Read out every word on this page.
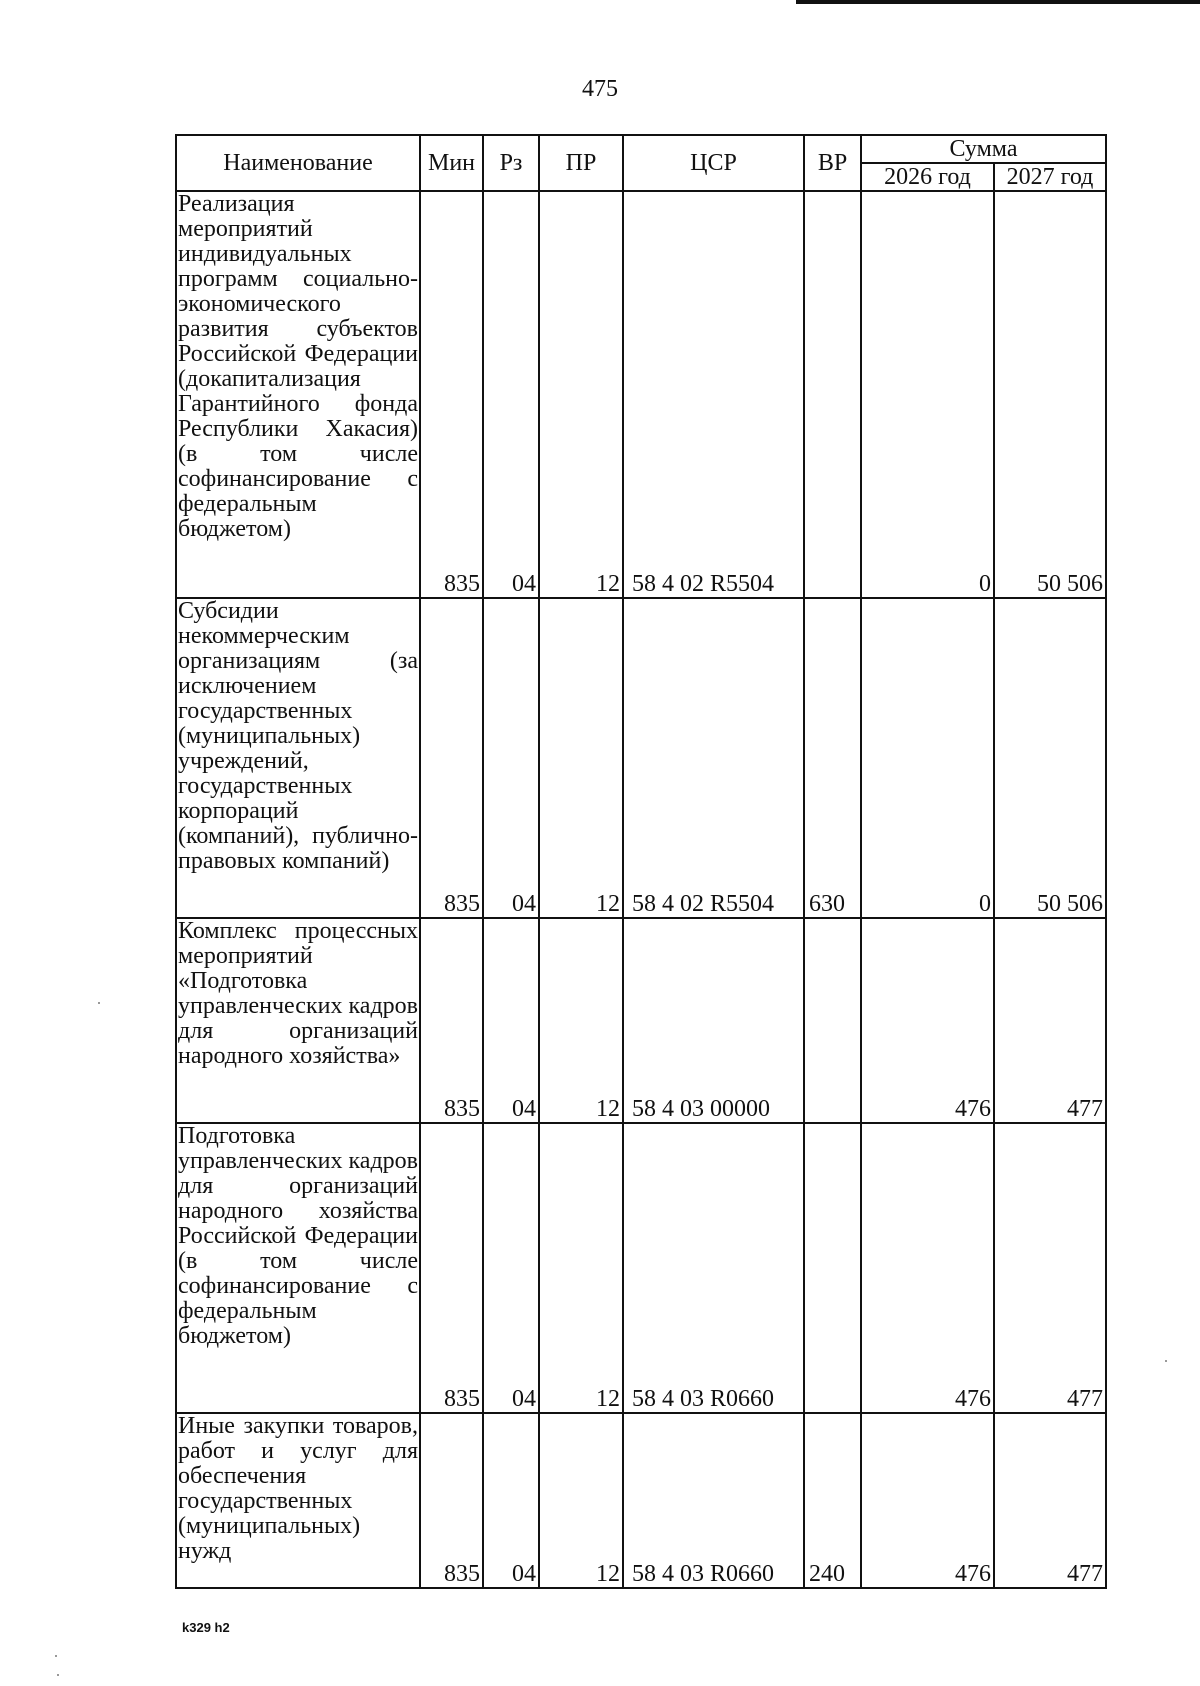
475
Наименование	Мин	Рз	ПР	ЦСР	ВР	Сумма	
						2026 год	2027 год
Реализация мероприятий индивидуальных программ социально-экономического развития субъектов Российской Федерации (докапитализация Гарантийного фонда Республики Хакасия) (в том числе софинансирование с федеральным бюджетом)	835	04	12	58 4 02 R5504		0	50 506
Субсидии некоммерческим организациям (за исключением государственных (муниципальных) учреждений, государственных корпораций (компаний), публично-правовых компаний)	835	04	12	58 4 02 R5504	630	0	50 506
Комплекс процессных мероприятий «Подготовка управленческих кадров для организаций народного хозяйства»	835	04	12	58 4 03 00000		476	477
Подготовка управленческих кадров для организаций народного хозяйства Российской Федерации (в том числе софинансирование с федеральным бюджетом)	835	04	12	58 4 03 R0660		476	477
Иные закупки товаров, работ и услуг для обеспечения государственных (муниципальных) нужд	835	04	12	58 4 03 R0660	240	476	477
k329 h2
